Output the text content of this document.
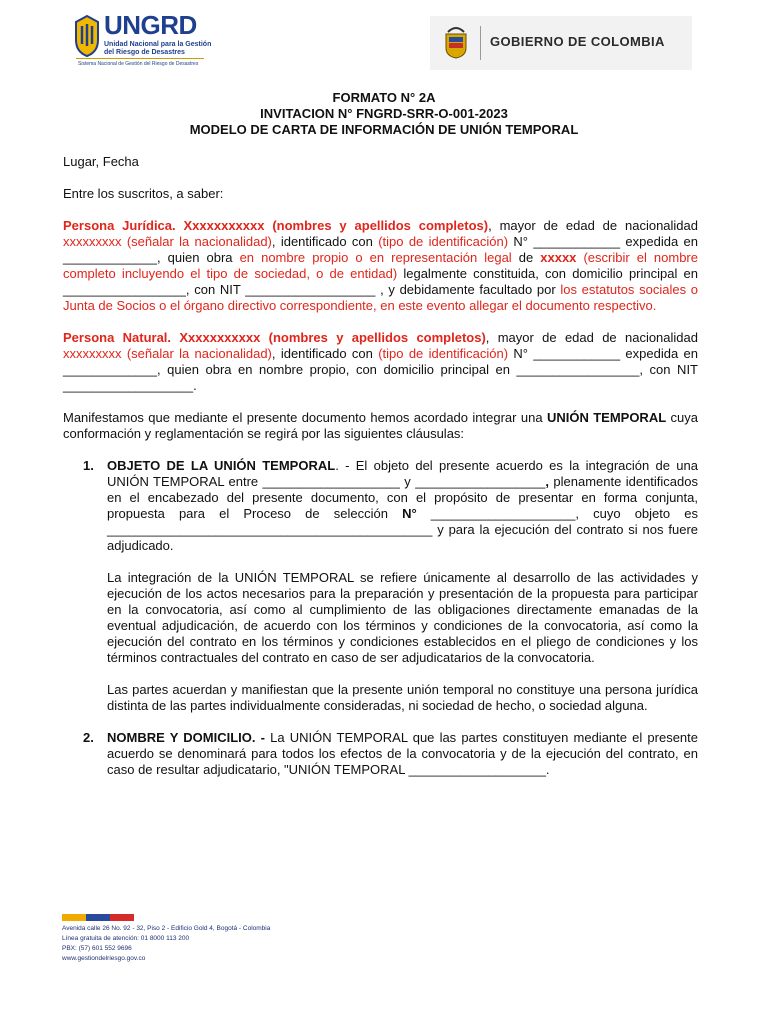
UNGRD
Unidad Nacional para la Gestión
del Riesgo de Desastres
Sistema Nacional de Gestión del Riesgo de Desastres
GOBIERNO DE COLOMBIA
FORMATO N° 2A
INVITACION N° FNGRD-SRR-O-001-2023
MODELO DE CARTA DE INFORMACIÓN DE UNIÓN TEMPORAL

Lugar, Fecha

Entre los suscritos, a saber:

Persona Jurídica. Xxxxxxxxxxx (nombres y apellidos completos), mayor de edad de nacionalidad xxxxxxxxx (señalar la nacionalidad), identificado con (tipo de identificación) N° ____________ expedida en _____________, quien obra en nombre propio o en representación legal de xxxxx (escribir el nombre completo incluyendo el tipo de sociedad, o de entidad) legalmente constituida, con domicilio principal en _________________, con NIT __________________ , y debidamente facultado por los estatutos sociales o Junta de Socios o el órgano directivo correspondiente, en este evento allegar el documento respectivo.

Persona Natural. Xxxxxxxxxxx (nombres y apellidos completos), mayor de edad de nacionalidad xxxxxxxxx (señalar la nacionalidad), identificado con (tipo de identificación) N° ____________ expedida en _____________, quien obra en nombre propio, con domicilio principal en _________________, con NIT __________________.

Manifestamos que mediante el presente documento hemos acordado integrar una UNIÓN TEMPORAL cuya conformación y reglamentación se regirá por las siguientes cláusulas:

1. OBJETO DE LA UNIÓN TEMPORAL. - El objeto del presente acuerdo es la integración de una UNIÓN TEMPORAL entre ___________________ y __________________, plenamente identificados en el encabezado del presente documento, con el propósito de presentar en forma conjunta, propuesta para el Proceso de selección N° ____________________, cuyo objeto es _____________________________________________ y para la ejecución del contrato si nos fuere adjudicado.

La integración de la UNIÓN TEMPORAL se refiere únicamente al desarrollo de las actividades y ejecución de los actos necesarios para la preparación y presentación de la propuesta para participar en la convocatoria, así como al cumplimiento de las obligaciones directamente emanadas de la eventual adjudicación, de acuerdo con los términos y condiciones de la convocatoria, así como la ejecución del contrato en los términos y condiciones establecidos en el pliego de condiciones y los términos contractuales del contrato en caso de ser adjudicatarios de la convocatoria.

Las partes acuerdan y manifiestan que la presente unión temporal no constituye una persona jurídica distinta de las partes individualmente consideradas, ni sociedad de hecho, o sociedad alguna.

2. NOMBRE Y DOMICILIO. - La UNIÓN TEMPORAL que las partes constituyen mediante el presente acuerdo se denominará para todos los efectos de la convocatoria y de la ejecución del contrato, en caso de resultar adjudicatario, "UNIÓN TEMPORAL ___________________.

Avenida calle 26 No. 92 - 32, Piso 2 - Edificio Gold 4, Bogotá - Colombia
Línea gratuita de atención: 01 8000 113 200
PBX: (57) 601 552 9696
www.gestiondelriesgo.gov.co
